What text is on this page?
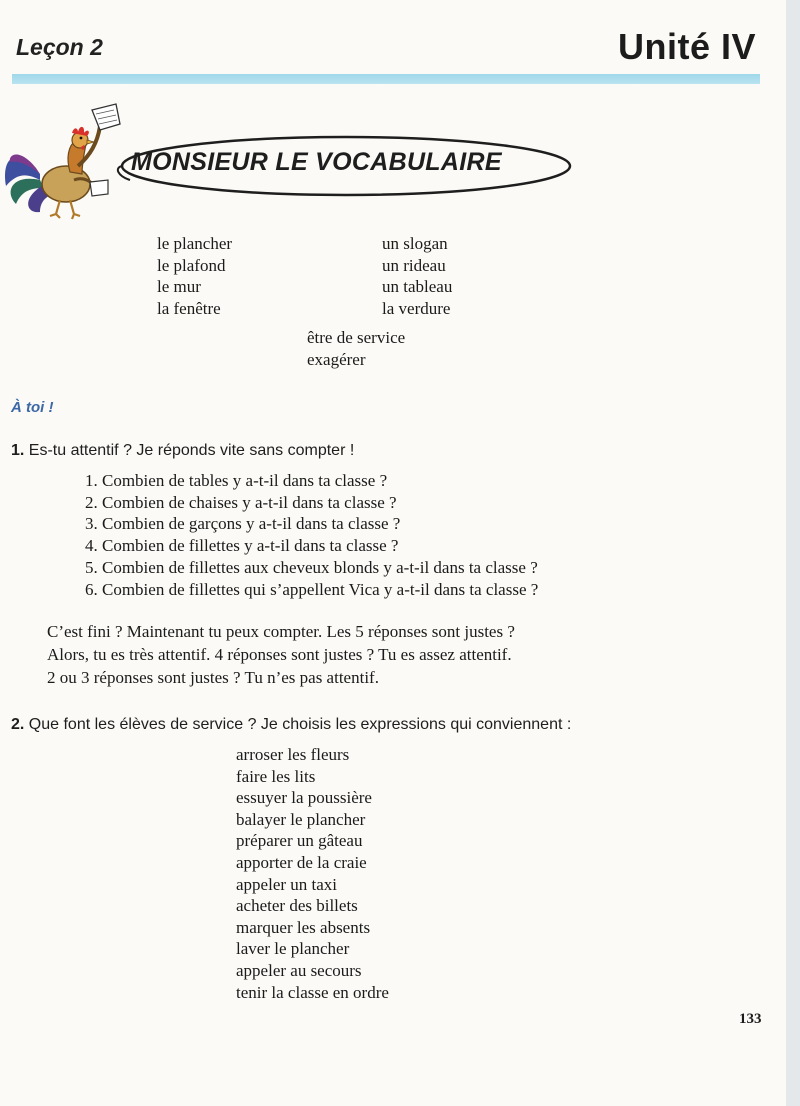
Leçon 2	Unité IV
MONSIEUR LE VOCABULAIRE
le plancher
le plafond
le mur
la fenêtre
un slogan
un rideau
un tableau
la verdure
être de service
exagérer
À toi !
1. Es-tu attentif ? Je réponds vite sans compter !
1. Combien de tables y a-t-il dans ta classe ?
2. Combien de chaises y a-t-il dans ta classe ?
3. Combien de garçons y a-t-il dans ta classe ?
4. Combien de fillettes y a-t-il dans ta classe ?
5. Combien de fillettes aux cheveux blonds y a-t-il dans ta classe ?
6. Combien de fillettes qui s’appellent Vica y a-t-il dans ta classe ?
C’est fini ? Maintenant tu peux compter. Les 5 réponses sont justes ?
Alors, tu es très attentif. 4 réponses sont justes ? Tu es assez attentif.
2 ou 3 réponses sont justes ? Tu n’es pas attentif.
2. Que font les élèves de service ? Je choisis les expressions qui conviennent :
arroser les fleurs
faire les lits
essuyer la poussière
balayer le plancher
préparer un gâteau
apporter de la craie
appeler un taxi
acheter des billets
marquer les absents
laver le plancher
appeler au secours
tenir la classe en ordre
133
